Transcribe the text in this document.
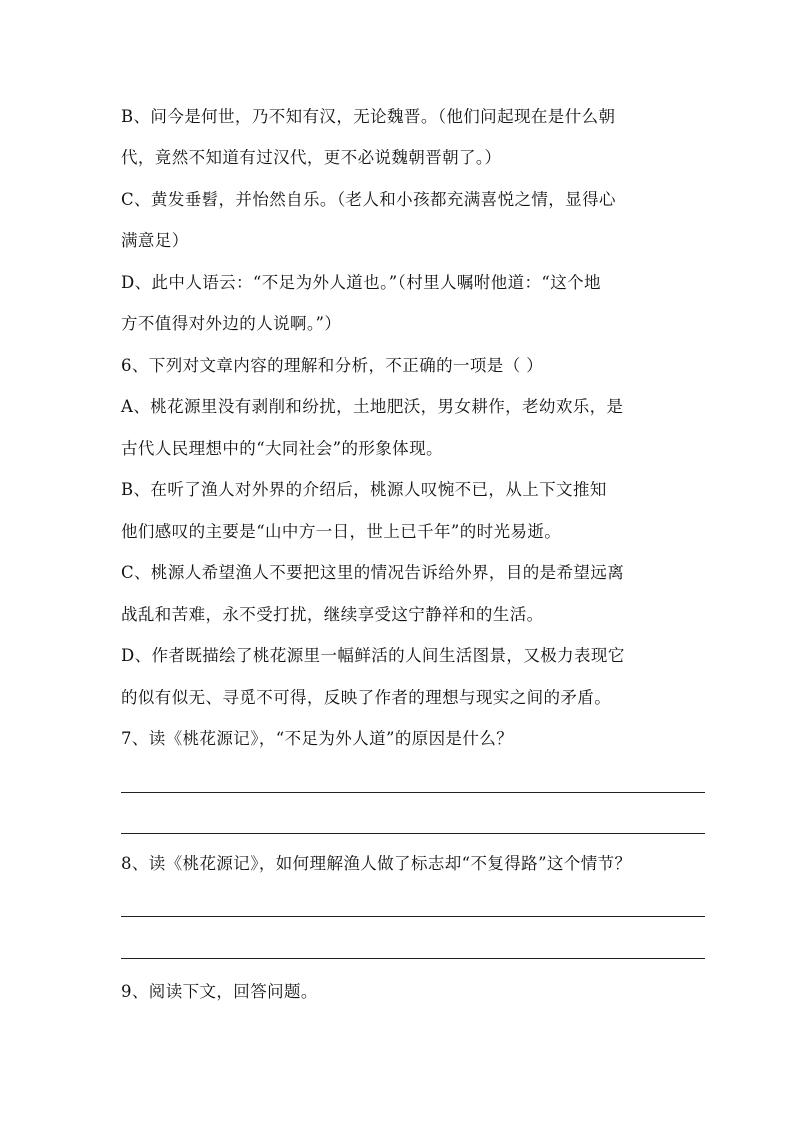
B、问今是何世，乃不知有汉，无论魏晋。（他们问起现在是什么朝
代，竟然不知道有过汉代，更不必说魏朝晋朝了。）
C、黄发垂髫，并怡然自乐。（老人和小孩都充满喜悦之情，显得心
满意足）
D、此中人语云：“不足为外人道也。”（村里人嘱咐他道：“这个地
方不值得对外边的人说啊。”）
6、下列对文章内容的理解和分析，不正确的一项是（ ）
A、桃花源里没有剥削和纷扰，土地肥沃，男女耕作，老幼欢乐，是
古代人民理想中的“大同社会”的形象体现。
B、在听了渔人对外界的介绍后，桃源人叹惋不已，从上下文推知
他们感叹的主要是“山中方一日，世上已千年”的时光易逝。
C、桃源人希望渔人不要把这里的情况告诉给外界，目的是希望远离
战乱和苦难，永不受打扰，继续享受这宁静祥和的生活。
D、作者既描绘了桃花源里一幅鲜活的人间生活图景，又极力表现它
的似有似无、寻觅不可得，反映了作者的理想与现实之间的矛盾。
7、读《桃花源记》，“不足为外人道”的原因是什么？
8、读《桃花源记》，如何理解渔人做了标志却“不复得路”这个情节？
9、阅读下文，回答问题。
